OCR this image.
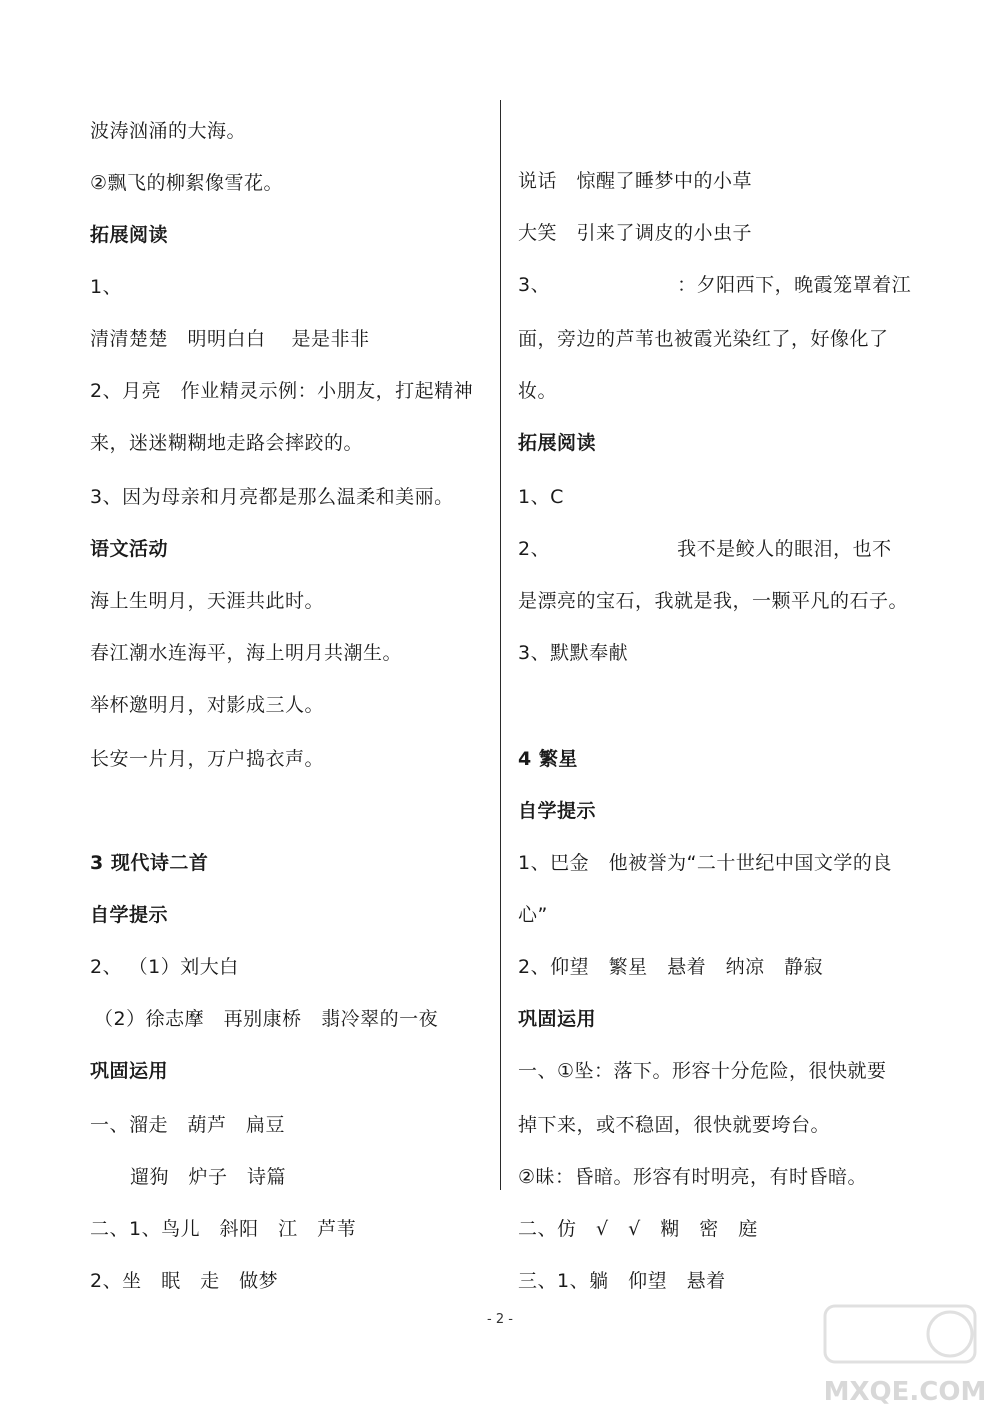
波涛汹涌的大海。
②飘飞的柳絮像雪花。
拓展阅读
1、
清清楚楚　明明白白　 是是非非
2、月亮　作业精灵示例：小朋友，打起精神
来，迷迷糊糊地走路会摔跤的。
3、因为母亲和月亮都是那么温柔和美丽。
语文活动
海上生明月，天涯共此时。
春江潮水连海平，海上明月共潮生。
举杯邀明月，对影成三人。
长安一片月，万户捣衣声。
3 现代诗二首
自学提示
2、 （1）刘大白
（2）徐志摩　再别康桥　翡冷翠的一夜
巩固运用
一、溜走　葫芦　扁豆
遛狗　炉子　诗篇
二、1、鸟儿　斜阳　江　芦苇
2、坐　眠　走　做梦
说话　惊醒了睡梦中的小草
大笑　引来了调皮的小虫子
3、　　　　　　　：夕阳西下，晚霞笼罩着江
面，旁边的芦苇也被霞光染红了，好像化了
妆。
拓展阅读
1、C
2、　　　　　　　我不是鲛人的眼泪，也不
是漂亮的宝石，我就是我，一颗平凡的石子。
3、默默奉献
4 繁星
自学提示
1、巴金　他被誉为“二十世纪中国文学的良
心”
2、仰望　繁星　悬着　纳凉　静寂
巩固运用
一、①坠：落下。形容十分危险，很快就要
掉下来，或不稳固，很快就要垮台。
②昧：昏暗。形容有时明亮，有时昏暗。
二、仿　√　√　糊　密　庭
三、1、躺　仰望　悬着
- 2 -
MXQE.COM
